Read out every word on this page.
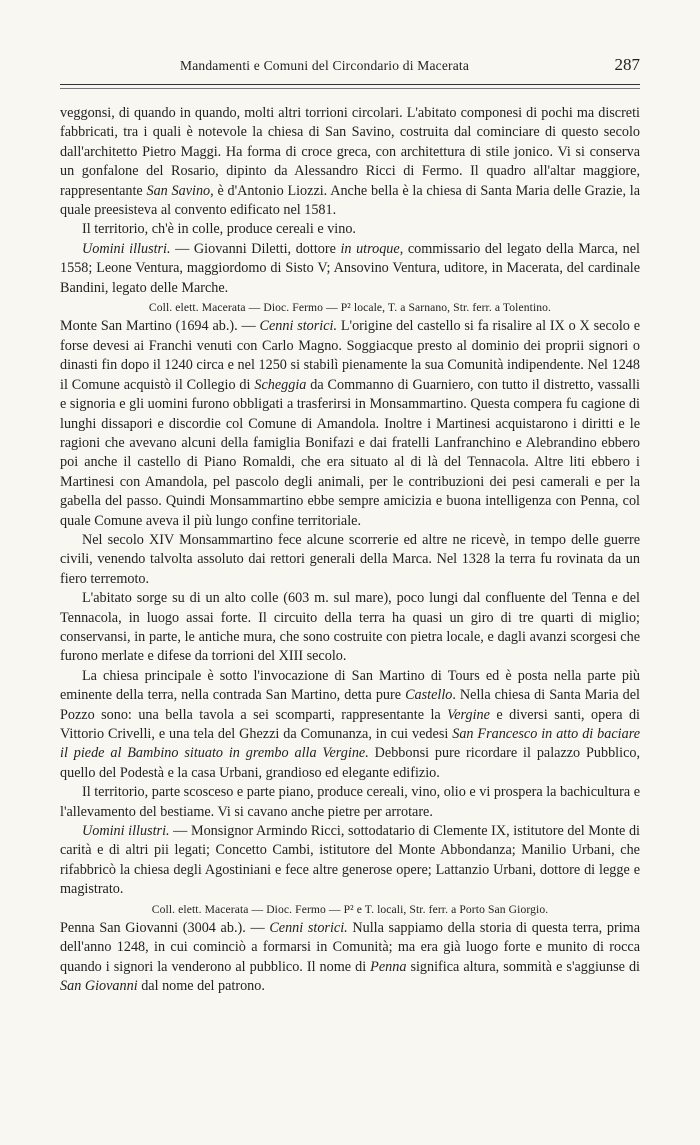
Mandamenti e Comuni del Circondario di Macerata	287

veggonsi, di quando in quando, molti altri torrioni circolari. L'abitato componesi di pochi ma discreti fabbricati, tra i quali è notevole la chiesa di San Savino, costruita dal cominciare di questo secolo dall'architetto Pietro Maggi. Ha forma di croce greca, con architettura di stile jonico. Vi si conserva un gonfalone del Rosario, dipinto da Alessandro Ricci di Fermo. Il quadro all'altar maggiore, rappresentante San Savino, è d'Antonio Liozzi. Anche bella è la chiesa di Santa Maria delle Grazie, la quale preesisteva al convento edificato nel 1581.

Il territorio, ch'è in colle, produce cereali e vino.

Uomini illustri. — Giovanni Diletti, dottore in utroque, commissario del legato della Marca, nel 1558; Leone Ventura, maggiordomo di Sisto V; Ansovino Ventura, uditore, in Macerata, del cardinale Bandini, legato delle Marche.

Coll. elett. Macerata — Dioc. Fermo — P² locale, T. a Sarnano, Str. ferr. a Tolentino.

Monte San Martino (1694 ab.). — Cenni storici. L'origine del castello si fa risalire al IX o X secolo e forse devesi ai Franchi venuti con Carlo Magno. Soggiacque presto al dominio dei proprii signori o dinasti fin dopo il 1240 circa e nel 1250 si stabilì pienamente la sua Comunità indipendente. Nel 1248 il Comune acquistò il Collegio di Scheggia da Commanno di Guarniero, con tutto il distretto, vassalli e signoria e gli uomini furono obbligati a trasferirsi in Monsammartino. Questa compera fu cagione di lunghi dissapori e discordie col Comune di Amandola. Inoltre i Martinesi acquistarono i diritti e le ragioni che avevano alcuni della famiglia Bonifazi e dai fratelli Lanfranchino e Alebrandino ebbero poi anche il castello di Piano Romaldi, che era situato al di là del Tennacola. Altre liti ebbero i Martinesi con Amandola, pel pascolo degli animali, per le contribuzioni dei pesi camerali e per la gabella del passo. Quindi Monsammartino ebbe sempre amicizia e buona intelligenza con Penna, col quale Comune aveva il più lungo confine territoriale.

Nel secolo XIV Monsammartino fece alcune scorrerie ed altre ne ricevè, in tempo delle guerre civili, venendo talvolta assoluto dai rettori generali della Marca. Nel 1328 la terra fu rovinata da un fiero terremoto.

L'abitato sorge su di un alto colle (603 m. sul mare), poco lungi dal confluente del Tenna e del Tennacola, in luogo assai forte. Il circuito della terra ha quasi un giro di tre quarti di miglio; conservansi, in parte, le antiche mura, che sono costruite con pietra locale, e dagli avanzi scorgesi che furono merlate e difese da torrioni del XIII secolo.

La chiesa principale è sotto l'invocazione di San Martino di Tours ed è posta nella parte più eminente della terra, nella contrada San Martino, detta pure Castello. Nella chiesa di Santa Maria del Pozzo sono: una bella tavola a sei scomparti, rappresentante la Vergine e diversi santi, opera di Vittorio Crivelli, e una tela del Ghezzi da Comunanza, in cui vedesi San Francesco in atto di baciare il piede al Bambino situato in grembo alla Vergine. Debbonsi pure ricordare il palazzo Pubblico, quello del Podestà e la casa Urbani, grandioso ed elegante edifizio.

Il territorio, parte scosceso e parte piano, produce cereali, vino, olio e vi prospera la bachicultura e l'allevamento del bestiame. Vi si cavano anche pietre per arrotare.

Uomini illustri. — Monsignor Armindo Ricci, sottodatario di Clemente IX, istitutore del Monte di carità e di altri pii legati; Concetto Cambi, istitutore del Monte Abbondanza; Manilio Urbani, che rifabbricò la chiesa degli Agostiniani e fece altre generose opere; Lattanzio Urbani, dottore di legge e magistrato.

Coll. elett. Macerata — Dioc. Fermo — P² e T. locali, Str. ferr. a Porto San Giorgio.

Penna San Giovanni (3004 ab.). — Cenni storici. Nulla sappiamo della storia di questa terra, prima dell'anno 1248, in cui cominciò a formarsi in Comunità; ma era già luogo forte e munito di rocca quando i signori la venderono al pubblico. Il nome di Penna significa altura, sommità e s'aggiunse di San Giovanni dal nome del patrono.
